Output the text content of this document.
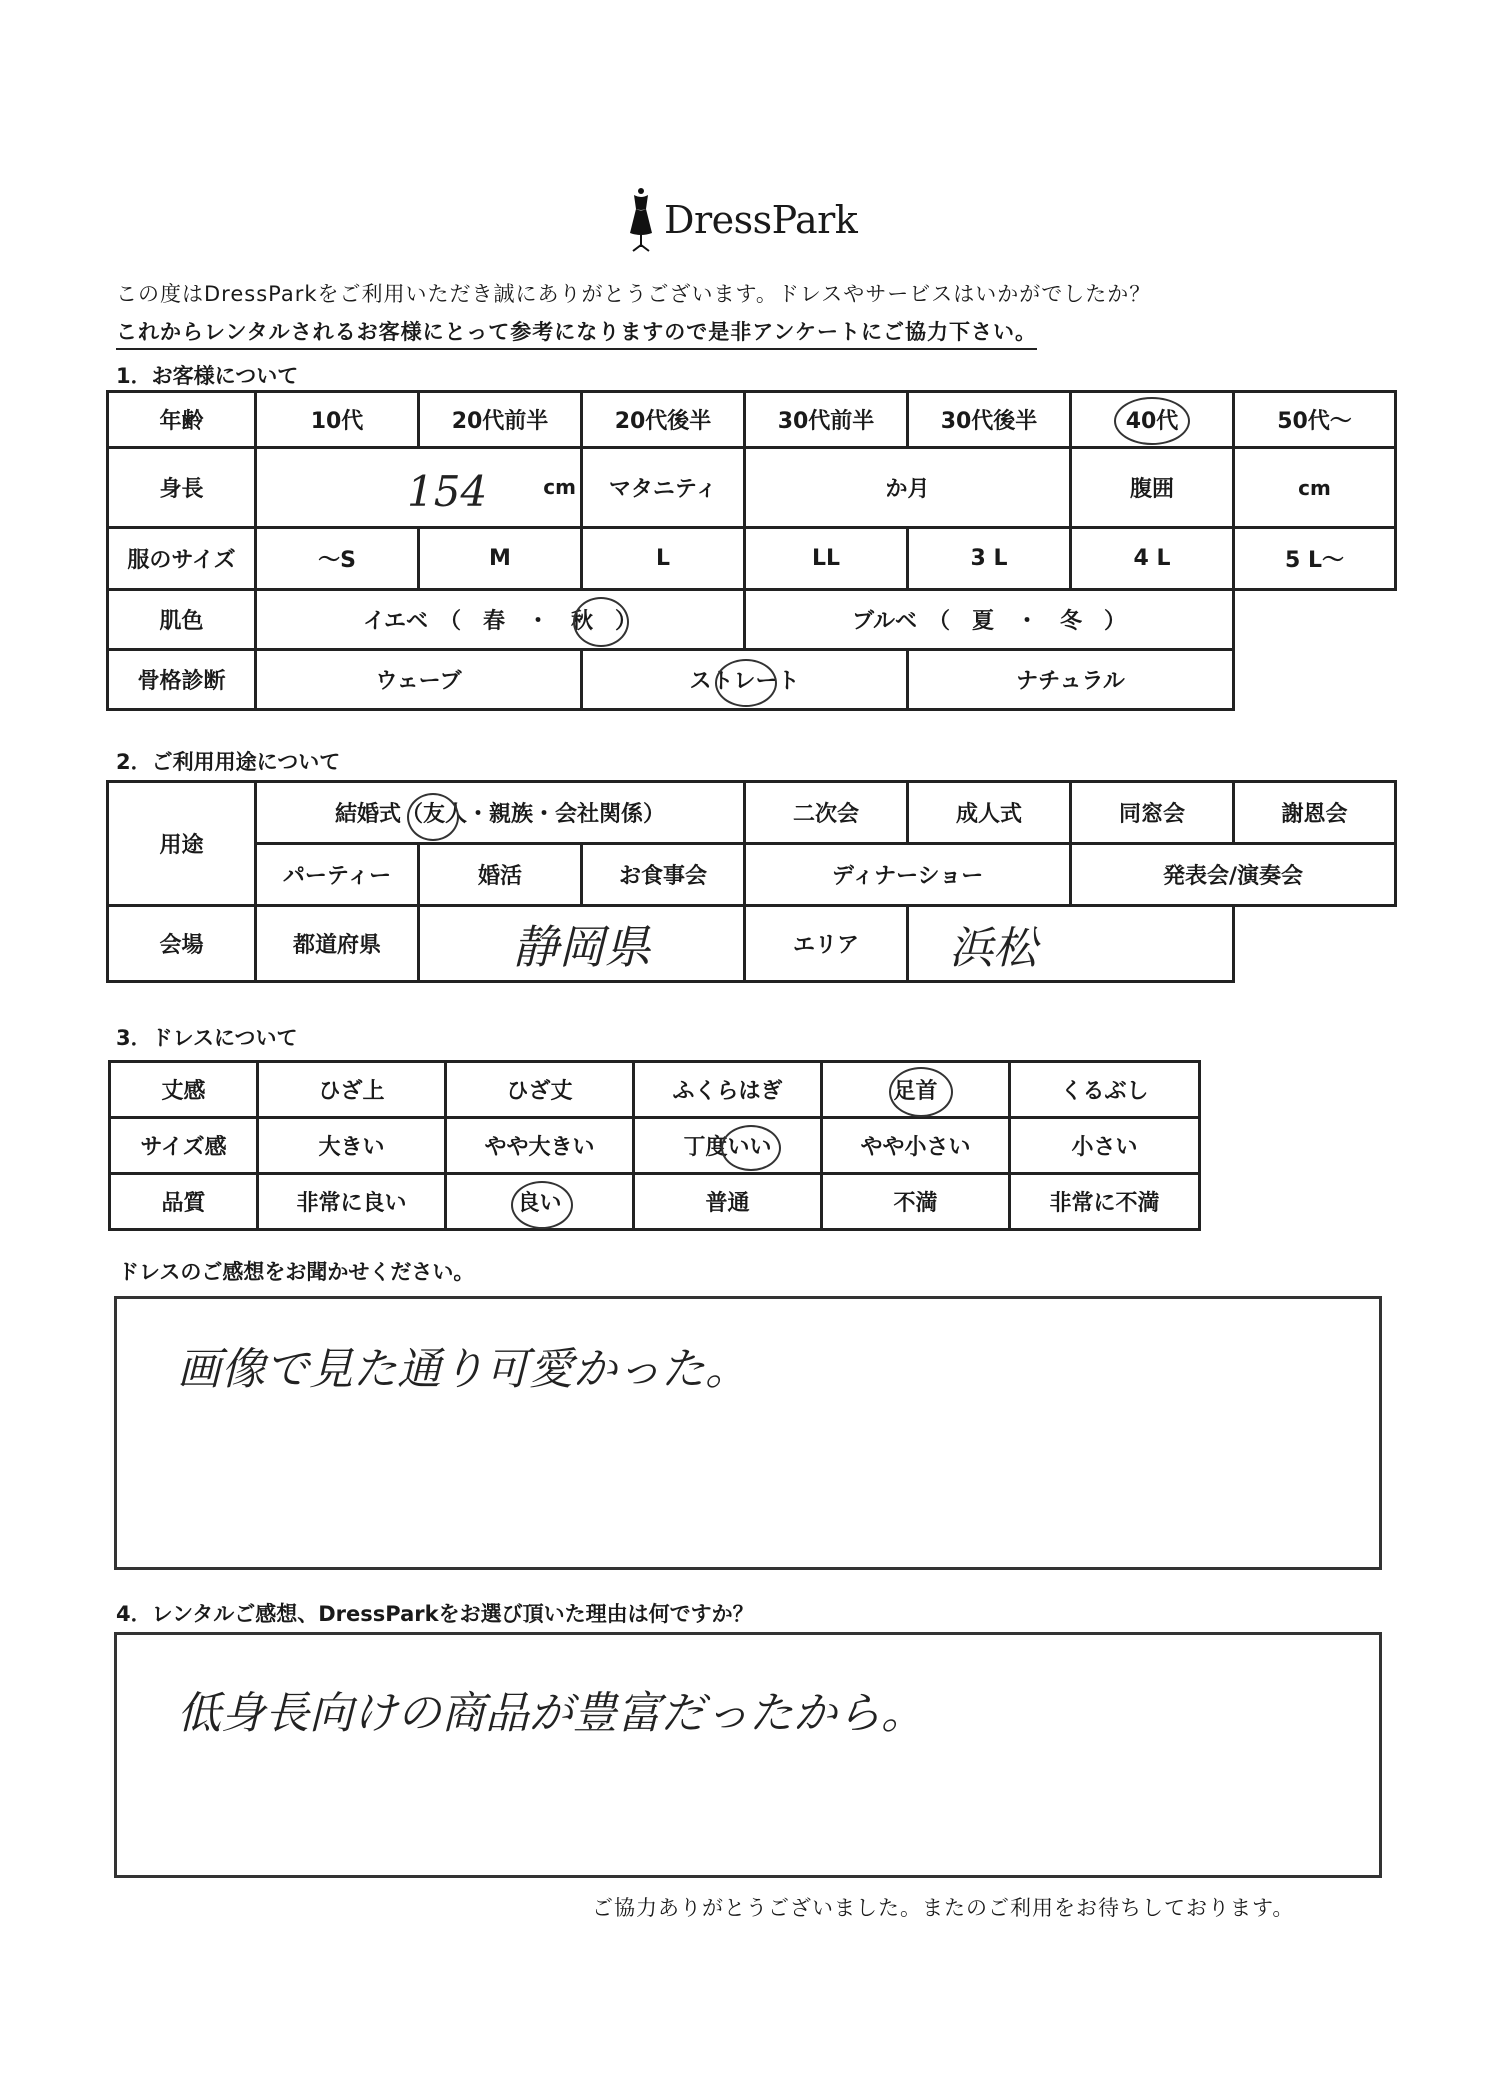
DressPark
この度はDressParkをご利用いただき誠にありがとうございます。ドレスやサービスはいかがでしたか？
これからレンタルされるお客様にとって参考になりますので是非アンケートにご協力下さい。
1．お客様について
年齢	10代	20代前半	20代後半	30代前半	30代後半	40代	50代～
身長	154 cm		マタニティ	か月		腹囲	cm
服のサイズ	～S	M	L	LL	3 L	4 L	5 L～
肌色	イエベ　（　春　・　秋　）			ブルベ　（　夏　・　冬　）			
骨格診断	ウェーブ		ストレート		ナチュラル		
2．ご利用用途について
用途	結婚式（友人・親族・会社関係）			二次会	成人式	同窓会	謝恩会
	パーティー	婚活	お食事会	ディナーショー		発表会/演奏会	
会場	都道府県	静岡県		エリア	浜松		
3．ドレスについて
丈感	ひざ上	ひざ丈	ふくらはぎ	足首	くるぶし
サイズ感	大きい	やや大きい	丁度いい	やや小さい	小さい
品質	非常に良い	良い	普通	不満	非常に不満
ドレスのご感想をお聞かせください。
画像で見た通り可愛かった。
4．レンタルご感想、DressParkをお選び頂いた理由は何ですか？
低身長向けの商品が豊富だったから。
ご協力ありがとうございました。またのご利用をお待ちしております。
